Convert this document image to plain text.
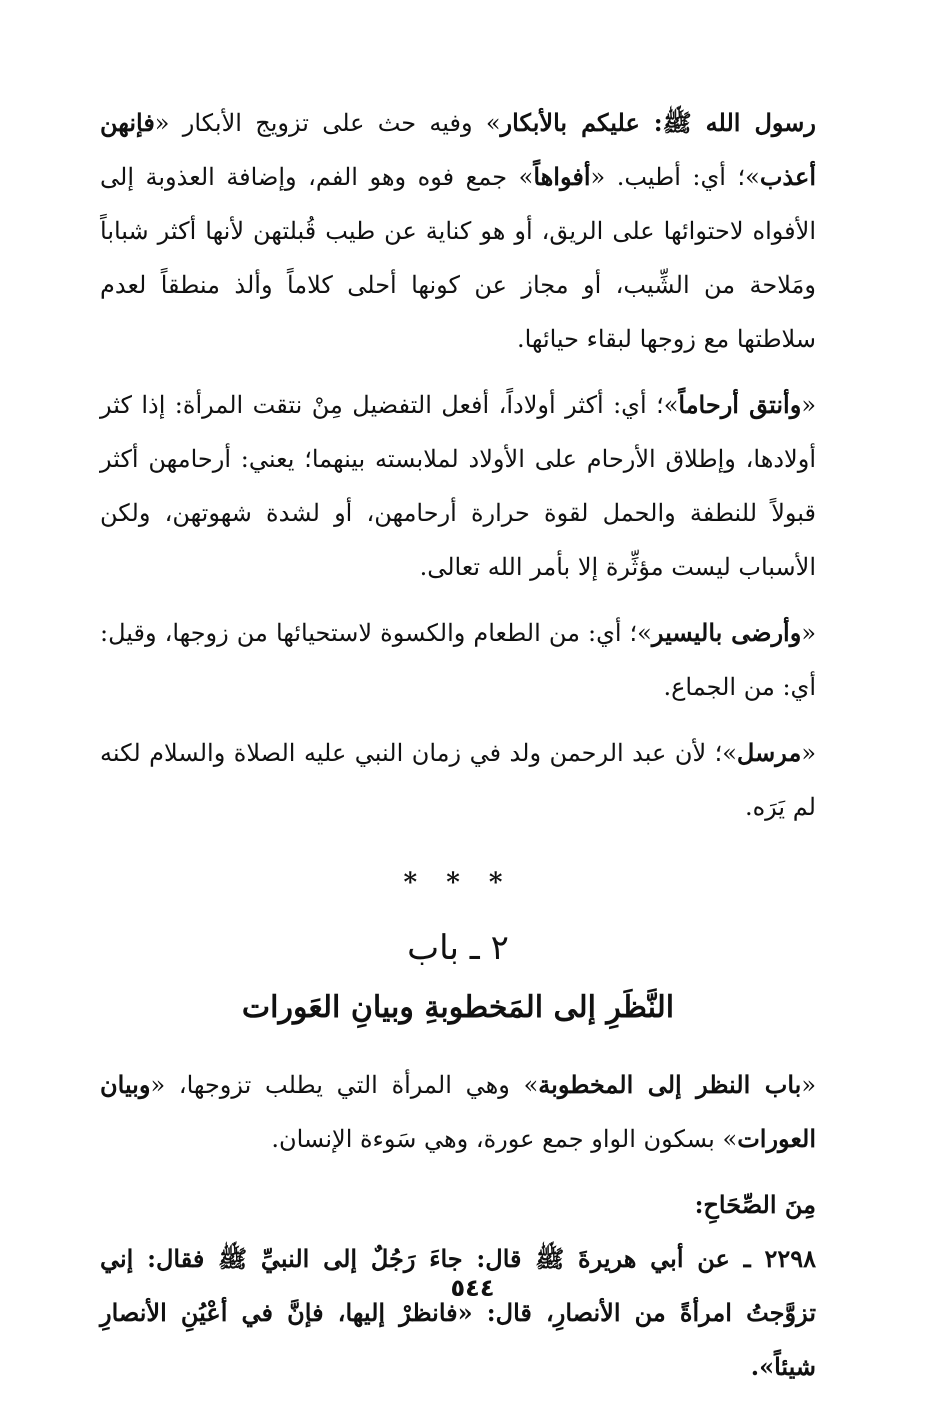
رسول الله ﷺ: عليكم بالأبكار» وفيه حث على تزويج الأبكار «فإنهن أعذب»؛ أي: أطيب. «أفواهاً» جمع فوه وهو الفم، وإضافة العذوبة إلى الأفواه لاحتوائها على الريق، أو هو كناية عن طيب قُبلتهن لأنها أكثر شباباً ومَلاحة من الشِّيب، أو مجاز عن كونها أحلى كلاماً وألذ منطقاً لعدم سلاطتها مع زوجها لبقاء حيائها.

«وأنتق أرحاماً»؛ أي: أكثر أولاداً، أفعل التفضيل مِنْ نتقت المرأة: إذا كثر أولادها، وإطلاق الأرحام على الأولاد لملابسته بينهما؛ يعني: أرحامهن أكثر قبولاً للنطفة والحمل لقوة حرارة أرحامهن، أو لشدة شهوتهن، ولكن الأسباب ليست مؤثِّرة إلا بأمر الله تعالى.

«وأرضى باليسير»؛ أي: من الطعام والكسوة لاستحيائها من زوجها، وقيل: أي: من الجماع.

«مرسل»؛ لأن عبد الرحمن ولد في زمان النبي عليه الصلاة والسلام لكنه لم يَرَه.

* * *
٢ ـ باب
النَّظَرِ إلى المَخطوبةِ وبيانِ العَورات

«باب النظر إلى المخطوبة» وهي المرأة التي يطلب تزوجها، «وبيان العورات» بسكون الواو جمع عورة، وهي سَوءة الإنسان.

مِنَ الصِّحَاحِ:

٢٢٩٨ ـ عن أبي هريرةَ ﷺ قال: جاءَ رَجُلٌ إلى النبيِّ ﷺ فقال: إني تزوَّجتُ امرأةً من الأنصارِ، قال: «فانظرْ إليها، فإنَّ في أعْيُنِ الأنصارِ شيئاً».

٥٤٤
